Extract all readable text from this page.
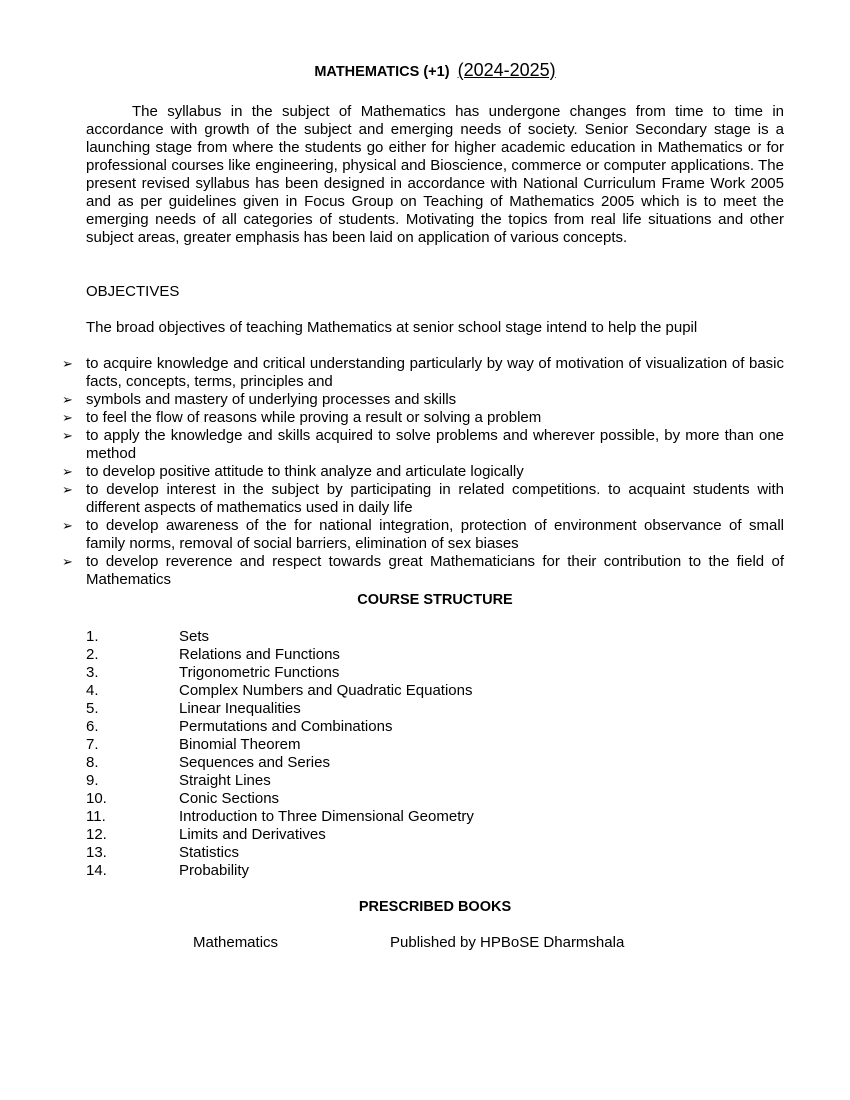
MATHEMATICS (+1) (2024-2025)

The syllabus in the subject of Mathematics has undergone changes from time to time in accordance with growth of the subject and emerging needs of society. Senior Secondary stage is a launching stage from where the students go either for higher academic education in Mathematics or for professional courses like engineering, physical and Bioscience, commerce or computer applications. The present revised syllabus has been designed in accordance with National Curriculum Frame Work 2005 and as per guidelines given in Focus Group on Teaching of Mathematics 2005 which is to meet the emerging needs of all categories of students. Motivating the topics from real life situations and other subject areas, greater emphasis has been laid on application of various concepts.

OBJECTIVES

The broad objectives of teaching Mathematics at senior school stage intend to help the pupil

➢ to acquire knowledge and critical understanding particularly by way of motivation of visualization of basic facts, concepts, terms, principles and
➢ symbols and mastery of underlying processes and skills
➢ to feel the flow of reasons while proving a result or solving a problem
➢ to apply the knowledge and skills acquired to solve problems and wherever possible, by more than one method
➢ to develop positive attitude to think analyze and articulate logically
➢ to develop interest in the subject by participating in related competitions. to acquaint students with different aspects of mathematics used in daily life
➢ to develop awareness of the for national integration, protection of environment observance of small family norms, removal of social barriers, elimination of sex biases
➢ to develop reverence and respect towards great Mathematicians for their contribution to the field of Mathematics

COURSE STRUCTURE

1.	Sets
2.	Relations and Functions
3.	Trigonometric Functions
4.	Complex Numbers and Quadratic Equations
5.	Linear Inequalities
6.	Permutations and Combinations
7.	Binomial Theorem
8.	Sequences and Series
9.	Straight Lines
10.	Conic Sections
11.	Introduction to Three Dimensional Geometry
12.	Limits and Derivatives
13.	Statistics
14.	Probability

PRESCRIBED BOOKS

Mathematics	Published by HPBoSE Dharmshala
